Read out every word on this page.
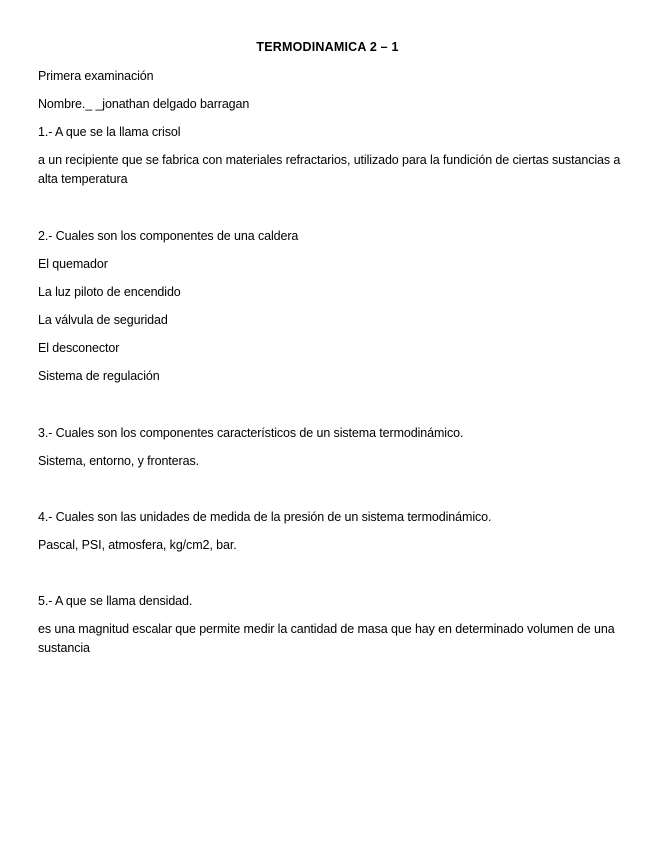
TERMODINAMICA 2 – 1
Primera examinación
Nombre._ _jonathan delgado barragan
1.- A que se la llama crisol
a un recipiente que se fabrica con materiales refractarios, utilizado para la fundición de ciertas sustancias a alta temperatura
2.- Cuales son los componentes de una caldera
El quemador
La luz piloto de encendido
La válvula de seguridad
El desconector
Sistema de regulación
3.- Cuales son los componentes característicos de un sistema termodinámico.
Sistema, entorno, y fronteras.
4.- Cuales son las unidades de medida de la presión de un sistema termodinámico.
Pascal, PSI, atmosfera, kg/cm2, bar.
5.- A que se llama densidad.
es una magnitud escalar que permite medir la cantidad de masa que hay en determinado volumen de una sustancia
